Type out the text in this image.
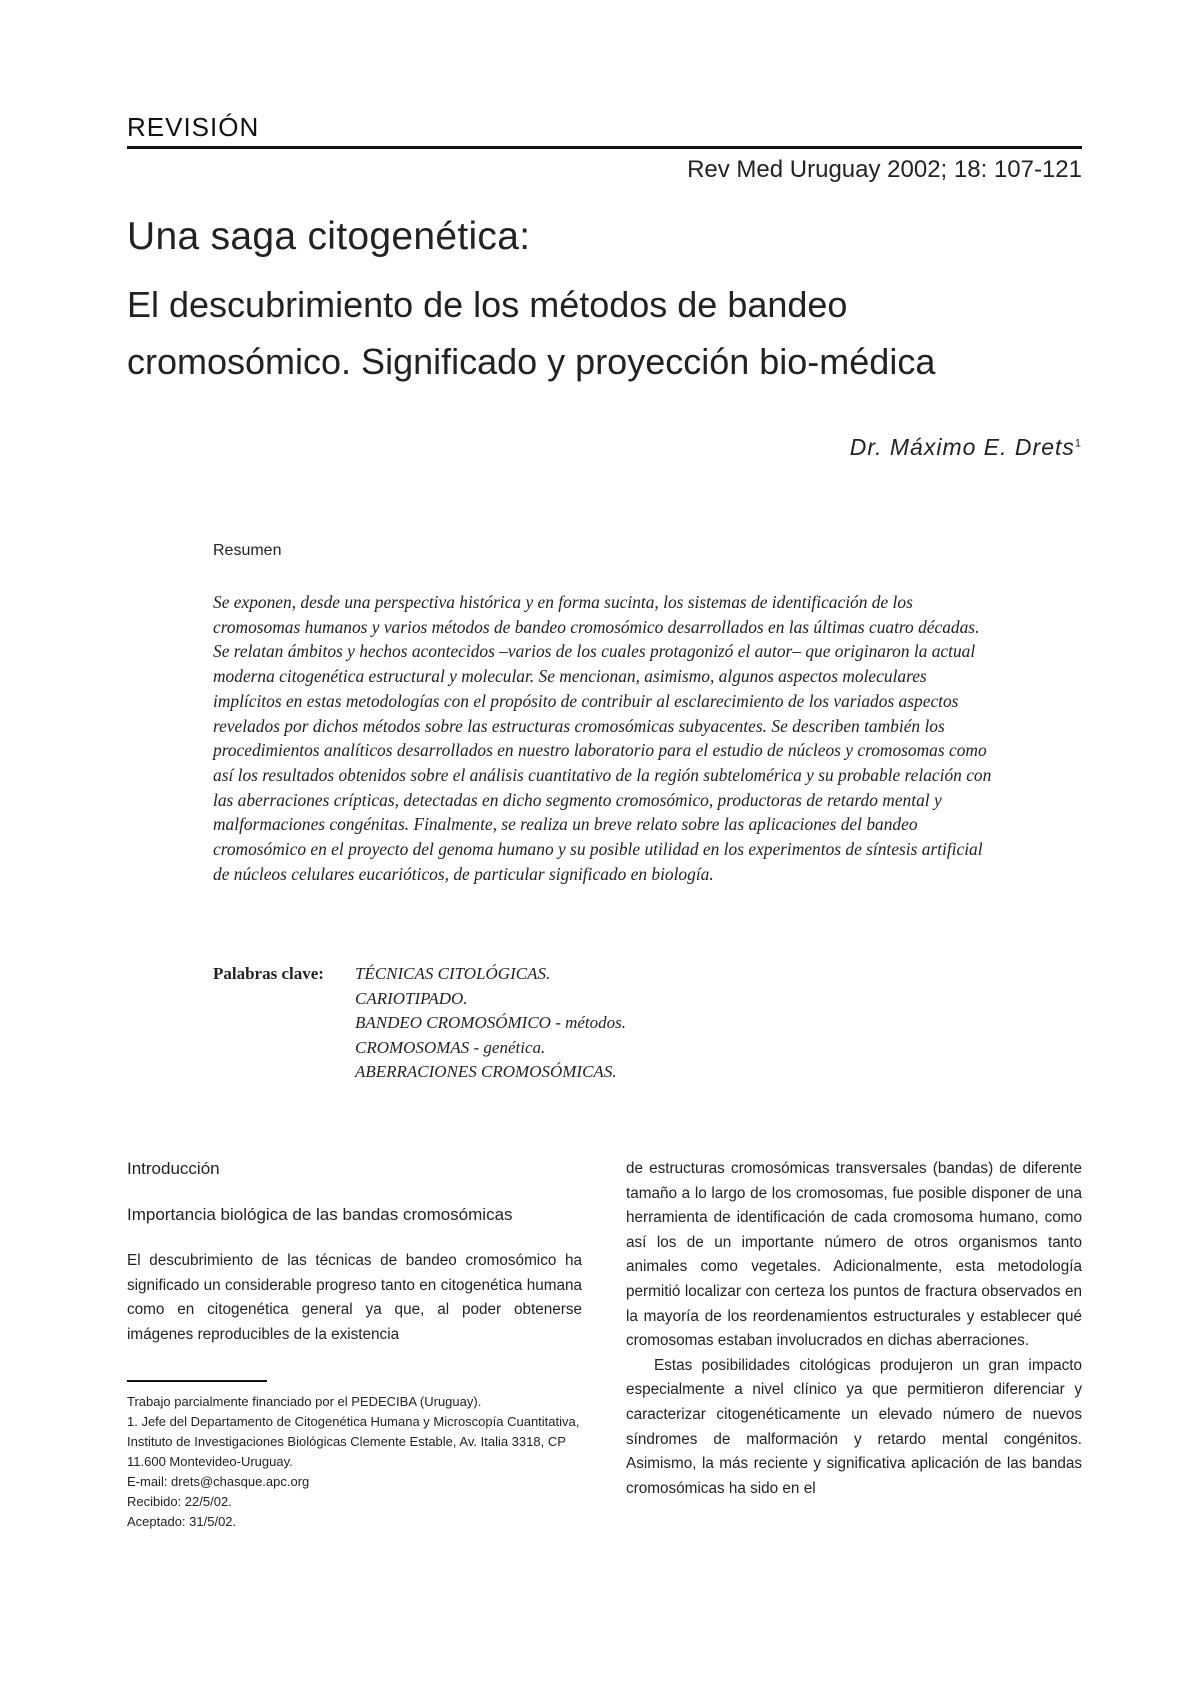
REVISIÓN
Rev Med Uruguay 2002; 18: 107-121
Una saga citogenética:
El descubrimiento de los métodos de bandeo cromosómico. Significado y proyección bio-médica
Dr. Máximo E. Drets$^1$
Resumen
Se exponen, desde una perspectiva histórica y en forma sucinta, los sistemas de identificación de los cromosomas humanos y varios métodos de bandeo cromosómico desarrollados en las últimas cuatro décadas. Se relatan ámbitos y hechos acontecidos –varios de los cuales protagonizó el autor– que originaron la actual moderna citogenética estructural y molecular. Se mencionan, asimismo, algunos aspectos moleculares implícitos en estas metodologías con el propósito de contribuir al esclarecimiento de los variados aspectos revelados por dichos métodos sobre las estructuras cromosómicas subyacentes. Se describen también los procedimientos analíticos desarrollados en nuestro laboratorio para el estudio de núcleos y cromosomas como así los resultados obtenidos sobre el análisis cuantitativo de la región subtelomérica y su probable relación con las aberraciones crípticas, detectadas en dicho segmento cromosómico, productoras de retardo mental y malformaciones congénitas. Finalmente, se realiza un breve relato sobre las aplicaciones del bandeo cromosómico en el proyecto del genoma humano y su posible utilidad en los experimentos de síntesis artificial de núcleos celulares eucarióticos, de particular significado en biología.
Palabras clave: TÉCNICAS CITOLÓGICAS.
CARIOTIPADO.
BANDEO CROMOSÓMICO - métodos.
CROMOSOMAS - genética.
ABERRACIONES CROMOSÓMICAS.
Introducción
Importancia biológica de las bandas cromosómicas

El descubrimiento de las técnicas de bandeo cromosómico ha significado un considerable progreso tanto en citogenética humana como en citogenética general ya que, al poder obtenerse imágenes reproducibles de la existencia

de estructuras cromosómicas transversales (bandas) de diferente tamaño a lo largo de los cromosomas, fue posible disponer de una herramienta de identificación de cada cromosoma humano, como así los de un importante número de otros organismos tanto animales como vegetales. Adicionalmente, esta metodología permitió localizar con certeza los puntos de fractura observados en la mayoría de los reordenamientos estructurales y establecer qué cromosomas estaban involucrados en dichas aberraciones.

Estas posibilidades citológicas produjeron un gran impacto especialmente a nivel clínico ya que permitieron diferenciar y caracterizar citogenéticamente un elevado número de nuevos síndromes de malformación y retardo mental congénitos. Asimismo, la más reciente y significativa aplicación de las bandas cromosómicas ha sido en el

Trabajo parcialmente financiado por el PEDECIBA (Uruguay).

1. Jefe del Departamento de Citogenética Humana y Microscopía Cuantitativa, Instituto de Investigaciones Biológicas Clemente Estable, Av. Italia 3318, CP 11.600 Montevideo-Uruguay.

E-mail: drets@chasque.apc.org

Recibido: 22/5/02.

Aceptado: 31/5/02.
